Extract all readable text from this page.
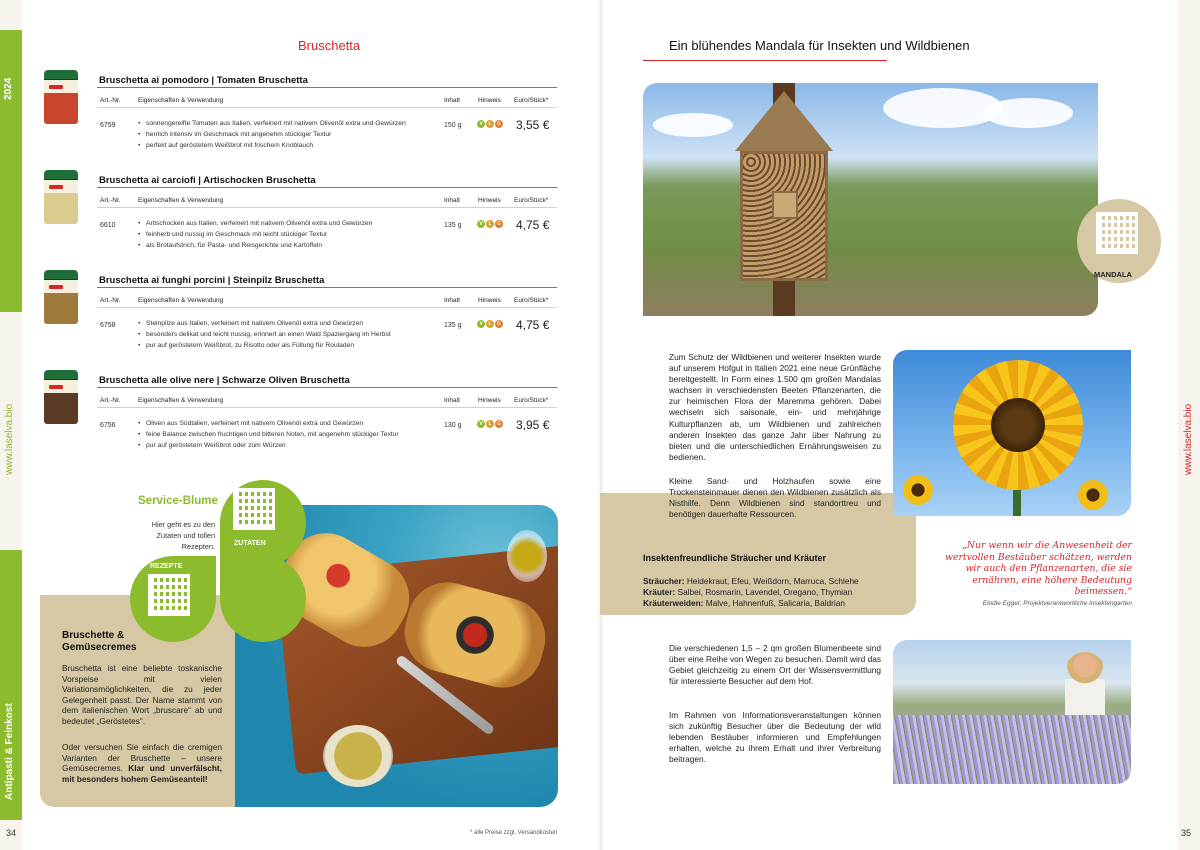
2024
Antipasti & Feinkost
www.laselva.bio	www.laselva.bio
34	35
* alle Preise zzgl. Versandkosten
Bruschetta
Bruschetta ai pomodoro | Tomaten Bruschetta
Art.-Nr.	Eigenschaften & Verwendung	Inhalt	Hinweis Euro/Stück*
6759	• sonnengereifte Tomaten aus Italien, verfeinert mit nativem Olivenöl extra und Gewürzen
• herrlich intensiv im Geschmack mit angenehm stückiger Textur
• perfekt auf geröstetem Weißbrot mit frischem Knoblauch
150 g	V	L	G 3,55 €
Bruschetta ai carciofi | Artischocken Bruschetta
Art.-Nr.	Eigenschaften & Verwendung	Inhalt	Hinweis Euro/Stück*
6610	• Artischocken aus Italien, verfeinert mit nativem Olivenöl extra und Gewürzen
• feinherb und nussig im Geschmack mit leicht stückiger Textur
• als Brotaufstrich, für Pasta- und Reisgerichte und Kartoffeln
135 g	V	L	G 4,75 €
Bruschetta ai funghi porcini | Steinpilz Bruschetta
Art.-Nr.	Eigenschaften & Verwendung	Inhalt	Hinweis Euro/Stück*
6758	• Steinpilze aus Italien, verfeinert mit nativem Olivenöl extra und Gewürzen
• besonders delikat und leicht nussig, erinnert an einen Wald Spaziergang im Herbst
• pur auf geröstetem Weißbrot, zu Risotto oder als Füllung für Rouladen
135 g	V	L	G 4,75 €
Bruschetta alle olive nere | Schwarze Oliven Bruschetta
Art.-Nr.	Eigenschaften & Verwendung	Inhalt	Hinweis Euro/Stück*
6756	• Oliven aus Südtalien, verfeinert mit nativem Olivenöl extra und Gewürzen
• feine Balance zwischen fruchtigen und bitteren Noten, mit angenehm stückiger Textur
• pur auf geröstetem Weißbrot oder zum Würzen
130 g	V	L	G 3,95 €
Service-Blume
Hier geht es zu den Zutaten und tollen Rezepten.	ZUTATEN
REZEPTE
Bruschette & Gemüsecremes
Bruschetta ist eine beliebte toskanische Vorspeise mit vielen Variationsmöglichkeiten, die zu jeder Gelegenheit passt. Der Name stammt von dem italienischen Wort „bruscare“ ab und bedeutet „Geröstetes“.
Oder versuchen Sie einfach die cremigen Varianten der Bruschette – unsere Gemüsecremes. Klar und unverfälscht, mit besonders hohem Gemüseanteil!
Ein blühendes Mandala für Insekten und Wildbienen
MANDALA
Zum Schutz der Wildbienen und weiterer Insekten wurde auf unserem Hofgut in Italien 2021 eine neue Grünfläche bereitgestellt. In Form eines 1.500 qm großen Mandalas wachsen in verschiedensten Beeten Pflanzenarten, die zur heimischen Flora der Maremma gehören. Dabei wechseln sich saisonale, ein- und mehrjährige Kulturpflanzen ab, um Wildbienen und zahlreichen anderen Insekten das ganze Jahr über Nahrung zu bieten und die unterschiedlichen Ernährungsweisen zu bedienen.
Kleine Sand- und Holzhaufen sowie eine Trockensteinmauer dienen den Wildbienen zusätzlich als Nisthilfe. Denn Wildbienen sind standorttreu und benötigen dauerhafte Ressourcen.
Insektenfreundliche Sträucher und Kräuter
Sträucher: Heidekraut, Efeu, Weißdorn, Marruca, Schlehe
Kräuter: Salbei, Rosmarin, Lavendel, Oregano, Thymian
Kräuterweiden: Malve, Hahnenfuß, Salicaria, Baldrian
„Nur wenn wir die Anwesenheit der wertvollen Bestäuber schätzen, werden wir auch den Pflanzenarten, die sie ernähren, eine höhere Bedeutung beimessen.“
Elodie Egger, Projektverantwortliche Insektengarten
Die verschiedenen 1,5 – 2 qm großen Blumenbeete sind über eine Reihe von Wegen zu besuchen. Damit wird das Gebiet gleichzeitig zu einem Ort der Wissensvermittlung für interessierte Besucher auf dem Hof.
Im Rahmen von Informationsveranstaltungen können sich zukünftig Besucher über die Bedeutung der wild lebenden Bestäuber informieren und Empfehlungen erhalten, welche zu ihrem Erhalt und ihrer Verbreitung beitragen.
